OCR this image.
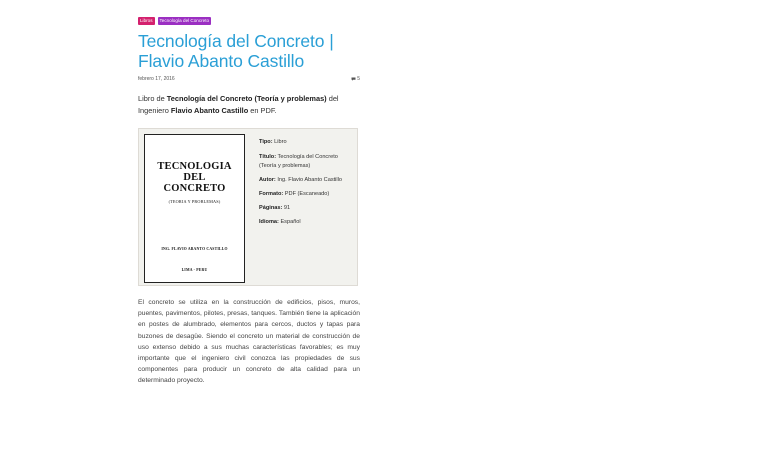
Libros	Tecnología del Concreto
Tecnología del Concreto | Flavio Abanto Castillo
febrero 17, 2016	5

Libro de Tecnología del Concreto (Teoría y problemas) del Ingeniero Flavio Abanto Castillo en PDF.

TECNOLOGIA
DEL
CONCRETO
(TEORIA Y PROBLEMAS)
ING. FLAVIO ABANTO CASTILLO
LIMA - PERU
Tipo: Libro
Título: Tecnología del Concreto (Teoría y problemas)
Autor: Ing. Flavio Abanto Castillo
Formato: PDF (Escaneado)
Páginas: 91
Idioma: Español

El concreto se utiliza en la construcción de edificios, pisos, muros, puentes, pavimentos, pilotes, presas, tanques. También tiene la aplicación en postes de alumbrado, elementos para cercos, ductos y tapas para buzones de desagüe. Siendo el concreto un material de construcción de uso extenso debido a sus muchas características favorables; es muy importante que el ingeniero civil conozca las propiedades de sus componentes para producir un concreto de alta calidad para un determinado proyecto.
